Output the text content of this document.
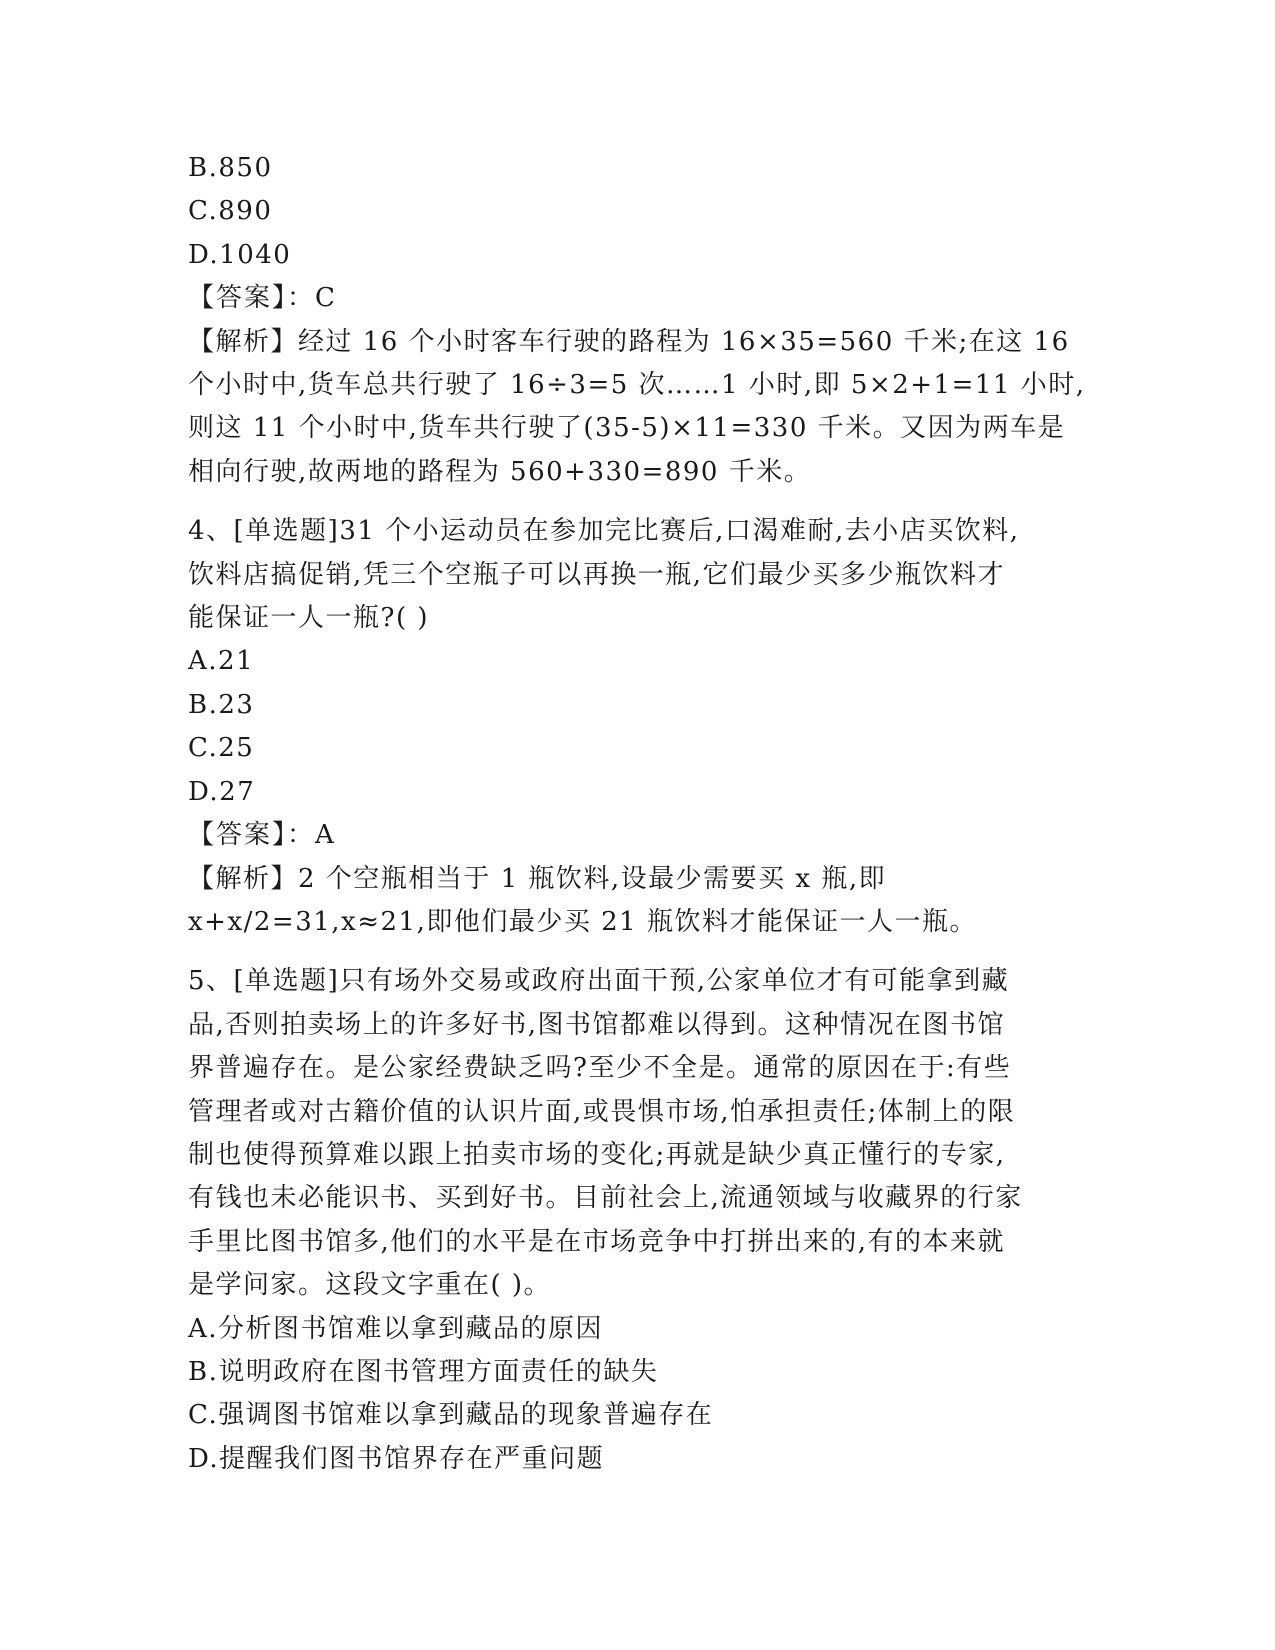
B.850
C.890
D.1040
【答案】：C
【解析】经过 16 个小时客车行驶的路程为 16×35=560 千米;在这 16
个小时中,货车总共行驶了 16÷3=5 次……1 小时,即 5×2+1=11 小时,
则这 11 个小时中,货车共行驶了(35-5)×11=330 千米。又因为两车是
相向行驶,故两地的路程为 560+330=890 千米。
4、[单选题]31 个小运动员在参加完比赛后,口渴难耐,去小店买饮料,
饮料店搞促销,凭三个空瓶子可以再换一瓶,它们最少买多少瓶饮料才
能保证一人一瓶?( )
A.21
B.23
C.25
D.27
【答案】：A
【解析】2 个空瓶相当于 1 瓶饮料,设最少需要买 x 瓶,即
x+x/2=31,x≈21,即他们最少买 21 瓶饮料才能保证一人一瓶。
5、[单选题]只有场外交易或政府出面干预,公家单位才有可能拿到藏
品,否则拍卖场上的许多好书,图书馆都难以得到。这种情况在图书馆
界普遍存在。是公家经费缺乏吗?至少不全是。通常的原因在于:有些
管理者或对古籍价值的认识片面,或畏惧市场,怕承担责任;体制上的限
制也使得预算难以跟上拍卖市场的变化;再就是缺少真正懂行的专家,
有钱也未必能识书、买到好书。目前社会上,流通领域与收藏界的行家
手里比图书馆多,他们的水平是在市场竞争中打拼出来的,有的本来就
是学问家。这段文字重在( )。
A.分析图书馆难以拿到藏品的原因
B.说明政府在图书管理方面责任的缺失
C.强调图书馆难以拿到藏品的现象普遍存在
D.提醒我们图书馆界存在严重问题
